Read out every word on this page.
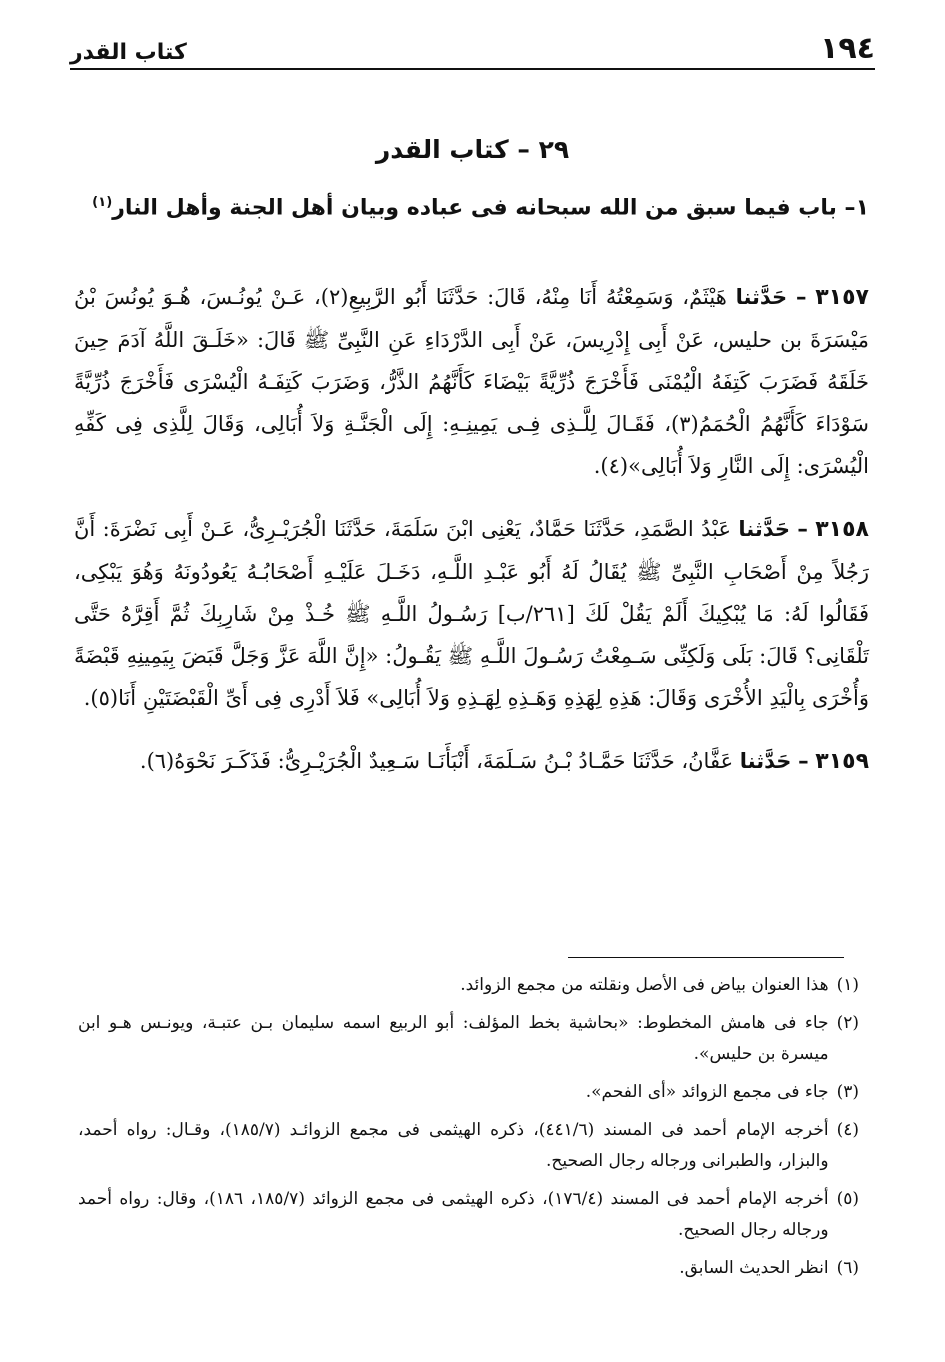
١٩٤
كتاب القدر
٢٩ – كتاب القدر
١– باب فيما سبق من الله سبحانه فى عباده وبيان أهل الجنة وأهل النار$^{(١)}$

٣١٥٧ – حَدَّثنا هَيْثَمٌ، وَسَمِعْتُهُ أَنَا مِنْهُ، قَالَ: حَدَّثَنَا أَبُو الرَّبِيعِ(٢)، عَـنْ يُونُـسَ، هُـوَ يُونُسَ بْنُ مَيْسَرَةَ بن حليس، عَنْ أَبِى إِدْرِيسَ، عَنْ أَبِى الدَّرْدَاءِ عَنِ النَّبِىِّ ﷺ قَالَ: «خَلَـقَ اللَّهُ آدَمَ حِينَ خَلَقَهُ فَضَرَبَ كَتِفَهُ الْيُمْنَى فَأَخْرَجَ ذُرِّيَّةً بَيْضَاءَ كَأَنَّهُمُ الذَّرُّ، وَضَرَبَ كَتِفَـهُ الْيُسْرَى فَأَخْرَجَ ذُرِّيَّةً سَوْدَاءَ كَأَنَّهُمُ الْحُمَمُ(٣)، فَقَـالَ لِلَّـذِى فِـى يَمِينِـهِ: إِلَى الْجَنَّـةِ وَلاَ أُبَالِى، وَقَالَ لِلَّذِى فِى كَفِّهِ الْيُسْرَى: إِلَى النَّارِ وَلاَ أُبَالِى»(٤).

٣١٥٨ – حَدَّثنا عَبْدُ الصَّمَدِ، حَدَّثَنَا حَمَّادٌ، يَعْنِى ابْنَ سَلَمَةَ، حَدَّثَنَا الْجُرَيْـرِىُّ، عَـنْ أَبِى نَضْرَةَ: أَنَّ رَجُلاً مِنْ أَصْحَابِ النَّبِىِّ ﷺ يُقَالُ لَهُ أَبُو عَبْـدِ اللَّـهِ، دَخَـلَ عَلَيْـهِ أَصْحَابُـهُ يَعُودُونَهُ وَهُوَ يَبْكِى، فَقَالُوا لَهُ: مَا يُبْكِيكَ أَلَمْ يَقُلْ لَكَ [٢٦١/ب] رَسُـولُ اللَّـهِ ﷺ خُـذْ مِنْ شَارِبِكَ ثُمَّ أَقِرَّهُ حَتَّى تَلْقَانِى؟ قَالَ: بَلَى وَلَكِنِّى سَـمِعْتُ رَسُـولَ اللَّـهِ ﷺ يَقُـولُ: «إِنَّ اللَّهَ عَزَّ وَجَلَّ قَبَضَ بِيَمِينِهِ قَبْضَةً وَأُخْرَى بِالْيَدِ الأُخْرَى وَقَالَ: هَذِهِ لِهَذِهِ وَهَـذِهِ لِهَـذِهِ وَلاَ أُبَالِى» فَلاَ أَدْرِى فِى أَىِّ الْقَبْضَتَيْنِ أَنَا(٥).

٣١٥٩ – حَدَّثنا عَفَّانُ، حَدَّثَنَا حَمَّـادُ بْـنُ سَـلَمَةَ، أَنْبَأَنَـا سَـعِيدٌ الْجُرَيْـرِىُّ: فَذَكَـرَ نَحْوَهُ(٦).

(١)
هذا العنوان بياض فى الأصل ونقلته من مجمع الزوائد.
(٢)
جاء فى هامش المخطوط: «بحاشية بخط المؤلف: أبو الربيع اسمه سليمان بـن عتبـة، ويونـس هـو ابن ميسرة بن حليس».
(٣)
جاء فى مجمع الزوائد «أى الفحم».
(٤)
أخرجه الإمام أحمد فى المسند (٤٤١/٦)، ذكره الهيثمى فى مجمع الزوائـد (١٨٥/٧)، وقـال: رواه أحمد، والبزار، والطبرانى ورجاله رجال الصحيح.
(٥)
أخرجه الإمام أحمد فى المسند (١٧٦/٤)، ذكره الهيثمى فى مجمع الزوائد (١٨٥/٧، ١٨٦)، وقال: رواه أحمد ورجاله رجال الصحيح.
(٦)
انظر الحديث السابق.
